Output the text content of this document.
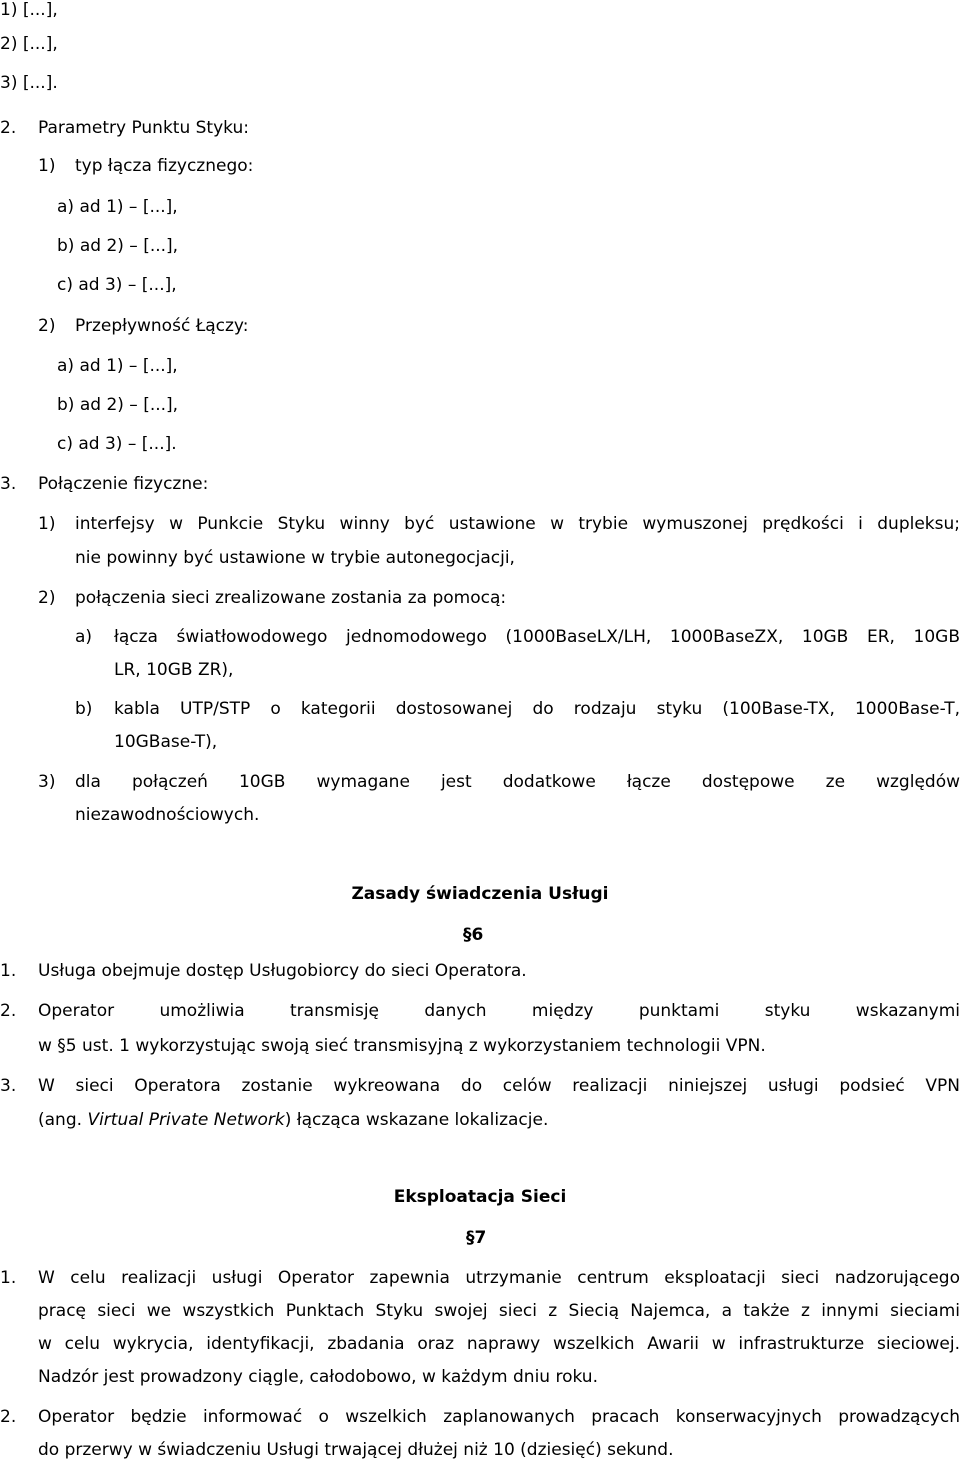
1) [...],
2) [...],
3) [...].
2. Parametry Punktu Styku:
1) typ łącza fizycznego:
a) ad 1) – [...],
b) ad 2) – [...],
c) ad 3) – [...],
2) Przepływność Łączy:
a) ad 1) – [...],
b) ad 2) – [...],
c) ad 3) – [...].
3. Połączenie fizyczne:
1) interfejsy w Punkcie Styku winny być ustawione w trybie wymuszonej prędkości i dupleksu;
nie powinny być ustawione w trybie autonegocjacji,
2) połączenia sieci zrealizowane zostania za pomocą:
a) łącza światłowodowego jednomodowego (1000BaseLX/LH, 1000BaseZX, 10GB ER, 10GB
LR, 10GB ZR),
b) kabla UTP/STP o kategorii dostosowanej do rodzaju styku (100Base-TX, 1000Base-T,
10GBase-T),
3) dla połączeń 10GB wymagane jest dodatkowe łącze dostępowe ze względów
niezawodnościowych.
Zasady świadczenia Usługi
§6
1. Usługa obejmuje dostęp Usługobiorcy do sieci Operatora.
2. Operator umożliwia transmisję danych między punktami styku wskazanymi
w §5 ust. 1 wykorzystując swoją sieć transmisyjną z wykorzystaniem technologii VPN.
3. W sieci Operatora zostanie wykreowana do celów realizacji niniejszej usługi podsieć VPN
(ang. Virtual Private Network) łącząca wskazane lokalizacje.
Eksploatacja Sieci
§7
1. W celu realizacji usługi Operator zapewnia utrzymanie centrum eksploatacji sieci nadzorującego
pracę sieci we wszystkich Punktach Styku swojej sieci z Siecią Najemca, a także z innymi sieciami
w celu wykrycia, identyfikacji, zbadania oraz naprawy wszelkich Awarii w infrastrukturze sieciowej.
Nadzór jest prowadzony ciągle, całodobowo, w każdym dniu roku.
2. Operator będzie informować o wszelkich zaplanowanych pracach konserwacyjnych prowadzących
do przerwy w świadczeniu Usługi trwającej dłużej niż 10 (dziesięć) sekund.
